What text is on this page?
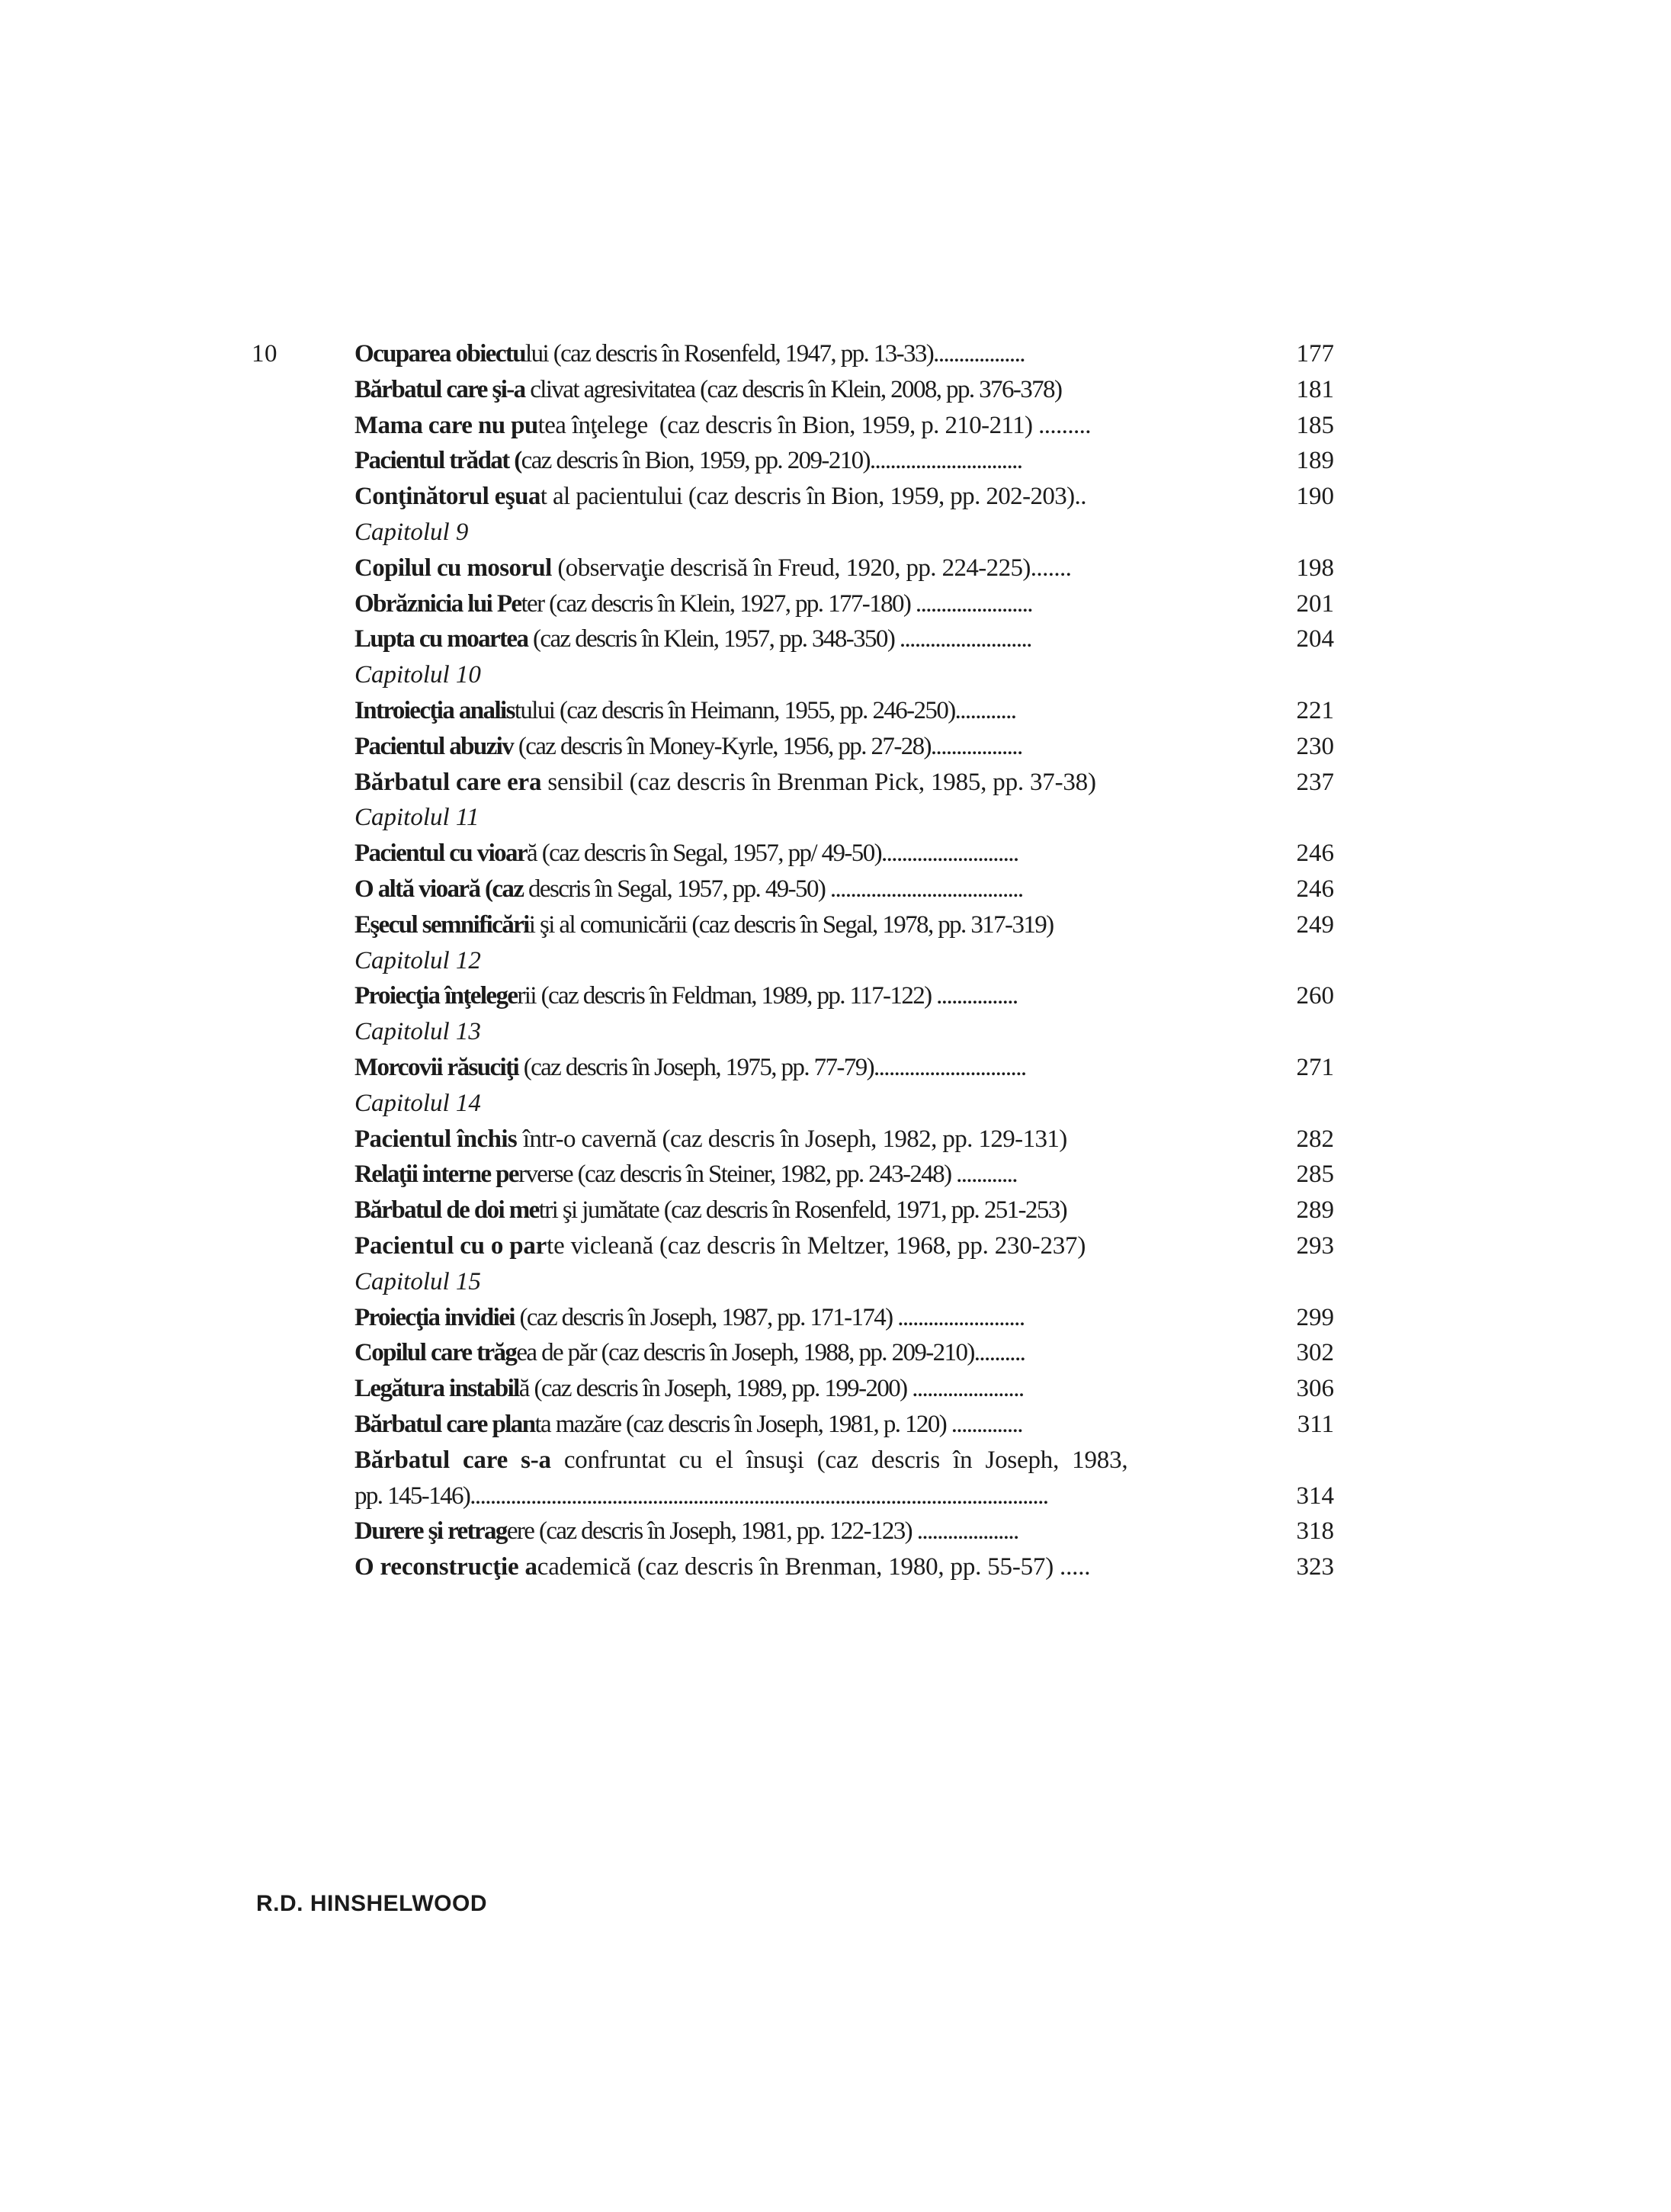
10	Ocuparea obiectului (caz descris în Rosenfeld, 1947, pp. 13-33)..................	177
Bărbatul care şi-a clivat agresivitatea (caz descris în Klein, 2008, pp. 376-378)	181
Mama care nu putea înţelege  (caz descris în Bion, 1959, p. 210-211) .........	185
Pacientul trădat (caz descris în Bion, 1959, pp. 209-210)..............................	189
Conţinătorul eşuat al pacientului (caz descris în Bion, 1959, pp. 202-203)..	190
Capitolul 9
Copilul cu mosorul (observaţie descrisă în Freud, 1920, pp. 224-225).......	198
Obrăznicia lui Peter (caz descris în Klein, 1927, pp. 177-180) .......................	201
Lupta cu moartea (caz descris în Klein, 1957, pp. 348-350) ..........................	204
Capitolul 10
Introiecţia analistului (caz descris în Heimann, 1955, pp. 246-250)............	221
Pacientul abuziv (caz descris în Money-Kyrle, 1956, pp. 27-28)..................	230
Bărbatul care era sensibil (caz descris în Brenman Pick, 1985, pp. 37-38)	237
Capitolul 11
Pacientul cu vioară (caz descris în Segal, 1957, pp/ 49-50)...........................	246
O altă vioară (caz descris în Segal, 1957, pp. 49-50) ......................................	246
Eşecul semnificării şi al comunicării (caz descris în Segal, 1978, pp. 317-319)	249
Capitolul 12
Proiecţia înţelegerii (caz descris în Feldman, 1989, pp. 117-122) ................	260
Capitolul 13
Morcovii răsuciţi (caz descris în Joseph, 1975, pp. 77-79)..............................	271
Capitolul 14
Pacientul închis într-o cavernă (caz descris în Joseph, 1982, pp. 129-131)	282
Relaţii interne perverse (caz descris în Steiner, 1982, pp. 243-248) ............	285
Bărbatul de doi metri şi jumătate (caz descris în Rosenfeld, 1971, pp. 251-253)	289
Pacientul cu o parte vicleană (caz descris în Meltzer, 1968, pp. 230-237)	293
Capitolul 15
Proiecţia invidiei (caz descris în Joseph, 1987, pp. 171-174) .........................	299
Copilul care trăgea de păr (caz descris în Joseph, 1988, pp. 209-210)..........	302
Legătura instabilă (caz descris în Joseph, 1989, pp. 199-200) ......................	306
Bărbatul care planta mazăre (caz descris în Joseph, 1981, p. 120) ..............	311
Bărbatul care s-a confruntat cu el însuşi (caz descris în Joseph, 1983,
pp. 145-146)..................................................................................................................	314
Durere şi retragere (caz descris în Joseph, 1981, pp. 122-123) ....................	318
O reconstrucţie academică (caz descris în Brenman, 1980, pp. 55-57) .....	323
R.D. HINSHELWOOD
